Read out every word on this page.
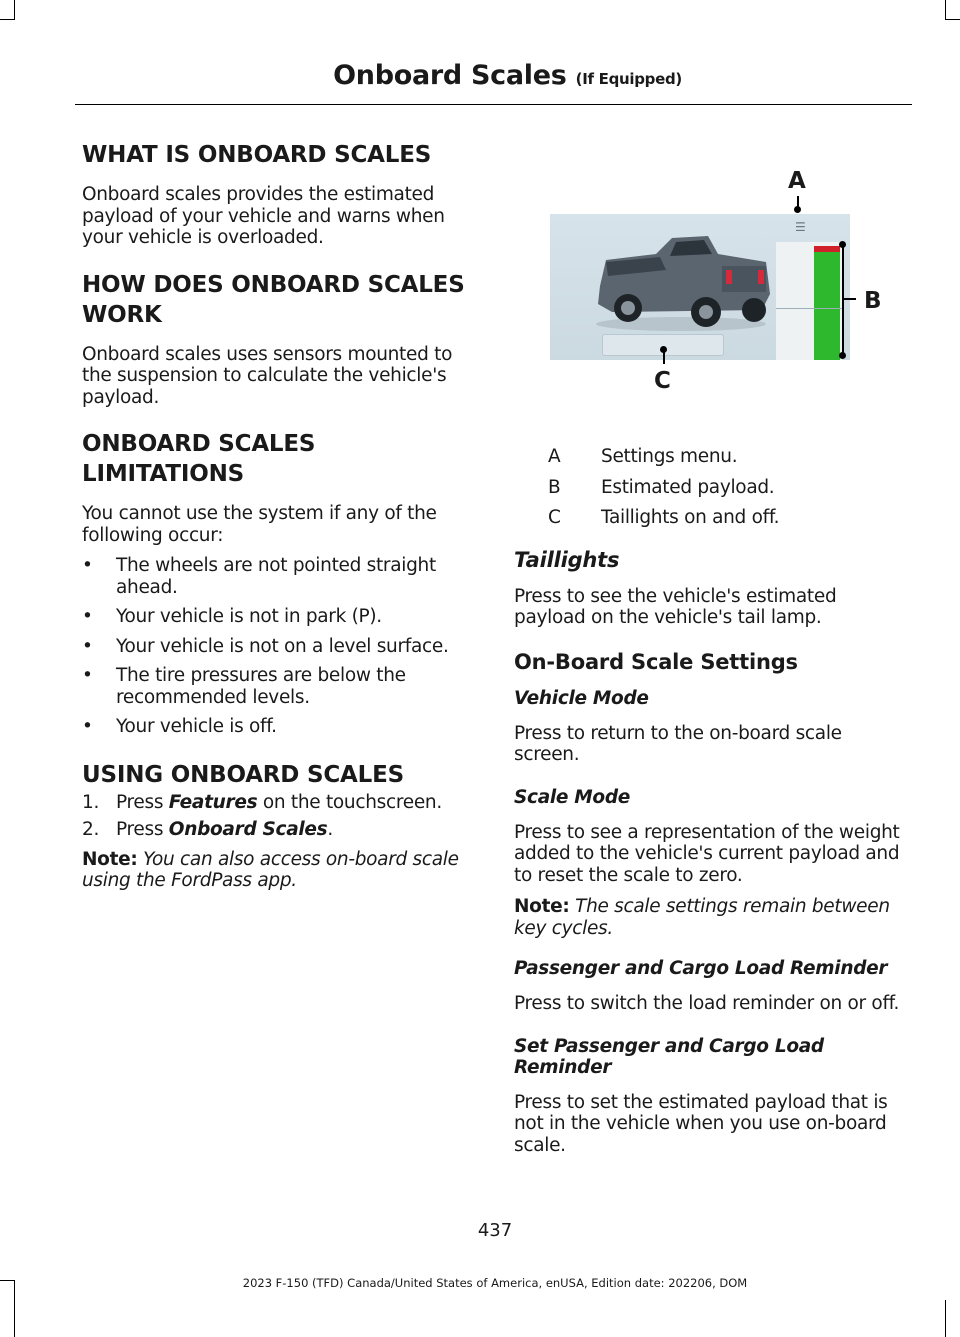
Onboard Scales (If Equipped)
WHAT IS ONBOARD SCALES

Onboard scales provides the estimated payload of your vehicle and warns when your vehicle is overloaded.

HOW DOES ONBOARD SCALES WORK

Onboard scales uses sensors mounted to the suspension to calculate the vehicle's payload.

ONBOARD SCALES LIMITATIONS

You cannot use the system if any of the following occur:

• The wheels are not pointed straight ahead.
• Your vehicle is not in park (P).
• Your vehicle is not on a level surface.
• The tire pressures are below the recommended levels.
• Your vehicle is off.
USING ONBOARD SCALES
1. Press Features on the touchscreen.
2. Press Onboard Scales.
Note: You can also access on-board scale using the FordPass app.
A
☰
B
C
A	Settings menu.
B	Estimated payload.
C	Taillights on and off.
Taillights

Press to see the vehicle's estimated payload on the vehicle's tail lamp.

On-Board Scale Settings
Vehicle Mode

Press to return to the on-board scale screen.

Scale Mode

Press to see a representation of the weight added to the vehicle's current payload and to reset the scale to zero.

Note: The scale settings remain between key cycles.
Passenger and Cargo Load Reminder

Press to switch the load reminder on or off.

Set Passenger and Cargo Load Reminder

Press to set the estimated payload that is not in the vehicle when you use on-board scale.

437
2023 F-150 (TFD) Canada/United States of America, enUSA, Edition date: 202206, DOM
